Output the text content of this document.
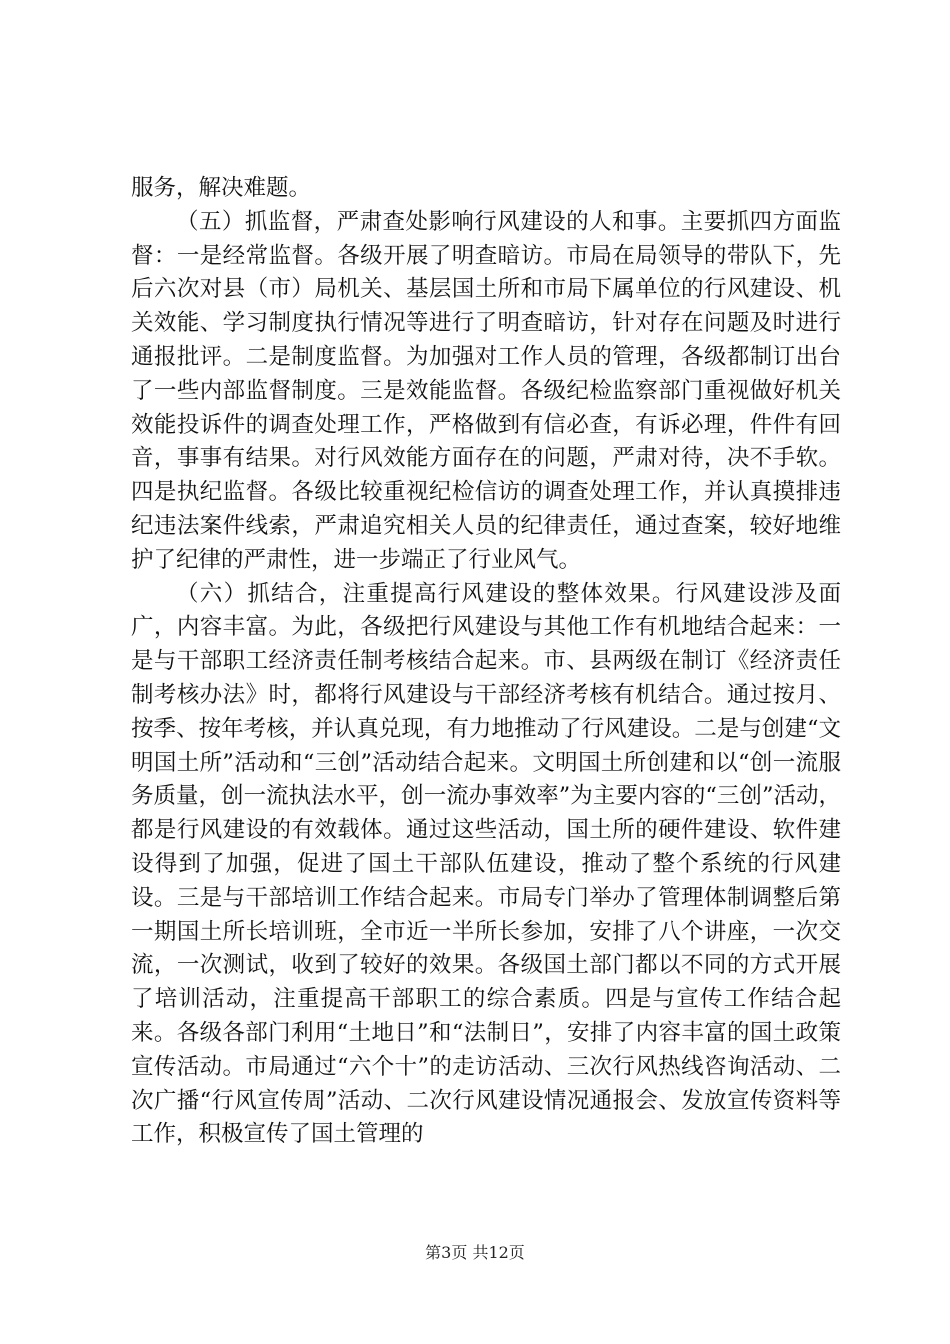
服务，解决难题。

（五）抓监督，严肃查处影响行风建设的人和事。主要抓四方面监督：一是经常监督。各级开展了明查暗访。市局在局领导的带队下，先后六次对县（市）局机关、基层国土所和市局下属单位的行风建设、机关效能、学习制度执行情况等进行了明查暗访，针对存在问题及时进行通报批评。二是制度监督。为加强对工作人员的管理，各级都制订出台了一些内部监督制度。三是效能监督。各级纪检监察部门重视做好机关效能投诉件的调查处理工作，严格做到有信必查，有诉必理，件件有回音，事事有结果。对行风效能方面存在的问题，严肃对待，决不手软。四是执纪监督。各级比较重视纪检信访的调查处理工作，并认真摸排违纪违法案件线索，严肃追究相关人员的纪律责任，通过查案，较好地维护了纪律的严肃性，进一步端正了行业风气。

（六）抓结合，注重提高行风建设的整体效果。行风建设涉及面广，内容丰富。为此，各级把行风建设与其他工作有机地结合起来：一是与干部职工经济责任制考核结合起来。市、县两级在制订《经济责任制考核办法》时，都将行风建设与干部经济考核有机结合。通过按月、按季、按年考核，并认真兑现，有力地推动了行风建设。二是与创建“文明国土所”活动和“三创”活动结合起来。文明国土所创建和以“创一流服务质量，创一流执法水平，创一流办事效率”为主要内容的“三创”活动，都是行风建设的有效载体。通过这些活动，国土所的硬件建设、软件建设得到了加强，促进了国土干部队伍建设，推动了整个系统的行风建设。三是与干部培训工作结合起来。市局专门举办了管理体制调整后第一期国土所长培训班，全市近一半所长参加，安排了八个讲座，一次交流，一次测试，收到了较好的效果。各级国土部门都以不同的方式开展了培训活动，注重提高干部职工的综合素质。四是与宣传工作结合起来。各级各部门利用“土地日”和“法制日”，安排了内容丰富的国土政策宣传活动。市局通过“六个十”的走访活动、三次行风热线咨询活动、二次广播“行风宣传周”活动、二次行风建设情况通报会、发放宣传资料等工作，积极宣传了国土管理的

第3页 共12页
